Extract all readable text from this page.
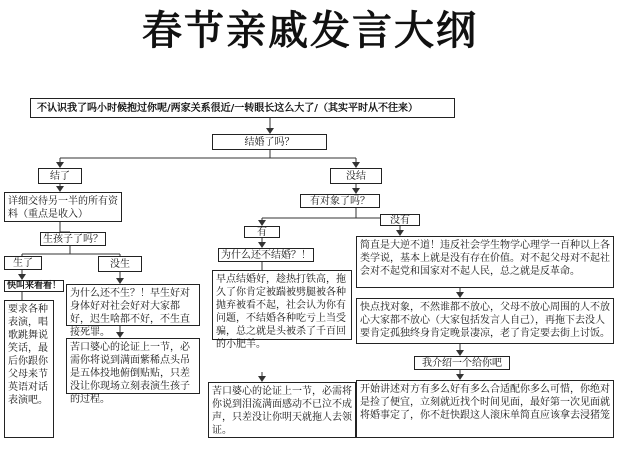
春节亲戚发言大纲
不认识我了吗小时候抱过你呢/两家关系很近/一转眼长这么大了/（其实平时从不往来）
结婚了吗？
结了
详细交待另一半的所有资料（重点是收入）
生孩子了吗？
生了	没生
快叫来看看！
要求各种表演，唱歌跳舞说笑话，最后你跟你父母来节英语对话表演吧。
为什么还不生？！早生好对身体好对社会好对大家都好，迟生啥都不好，不生直接死罪。
苦口婆心的论证上一节，必需你将说到满面紫稀点头吊是五体投地俯倒贴贴，只差没让你现场立刻表演生孩子的过程。
没结
有对象了吗？
有
没有
为什么还不结婚？！
早点结婚好，趁热打铁高，拖久了你肯定被踹被劈腿被各种抛弃被看不起，社会认为你有问题，不结婚各种吃亏上当受骗，总之就是头被杀了千百回的小肥羊。
苦口婆心的论证上一节，必需将你说到泪流满面感动不已泣不成声，只差没让你明天就拖人去领证。
简直是大逆不道！违反社会学生物学心理学一百种以上各类学说，基本上就是没有存在价值。对不起父母对不起社会对不起党和国家对不起人民，总之就是反革命。
快点找对象，不然谁都不放心，父母不放心周围的人不放心大家都不放心（大家包括发言人自己），再拖下去没人要肯定孤独终身肯定晚景凄凉，老了肯定要去街上讨饭。
我介绍一个给你吧
开始讲述对方有多么好有多么合适配你多么可惜，你绝对是捡了便宜，立刻就近找个时间见面，最好第一次见面就将婚事定了，你不赶快跟这人滚床单简直应该拿去浸猪笼
